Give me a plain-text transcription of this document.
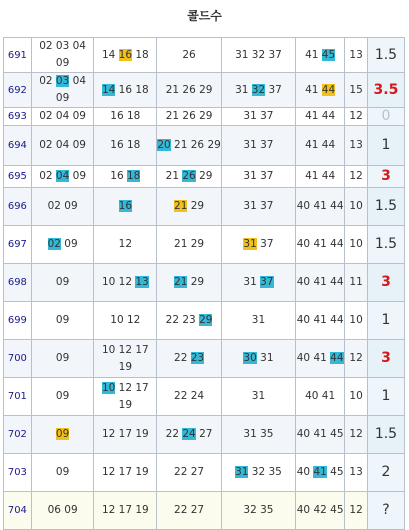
콜드수
691	02 03 04 09	14 16 18	26	31 32 37	41 45	13	1.5
692	02 03 04 09	14 16 18	21 26 29	31 32 37	41 44	15	3.5
693	02 04 09	16 18	21 26 29	31 37	41 44	12	0
694	02 04 09	16 18	20 21 26 29	31 37	41 44	13	1
695	02 04 09	16 18	21 26 29	31 37	41 44	12	3
696	02 09	16	21 29	31 37	40 41 44	10	1.5
697	02 09	12	21 29	31 37	40 41 44	10	1.5
698	09	10 12 13	21 29	31 37	40 41 44	11	3
699	09	10 12	22 23 29	31	40 41 44	10	1
700	09	10 12 17 19	22 23	30 31	40 41 44	12	3
701	09	10 12 17 19	22 24	31	40 41	10	1
702	09	12 17 19	22 24 27	31 35	40 41 45	12	1.5
703	09	12 17 19	22 27	31 32 35	40 41 45	13	2
704	06 09	12 17 19	22 27	32 35	40 42 45	12	?
